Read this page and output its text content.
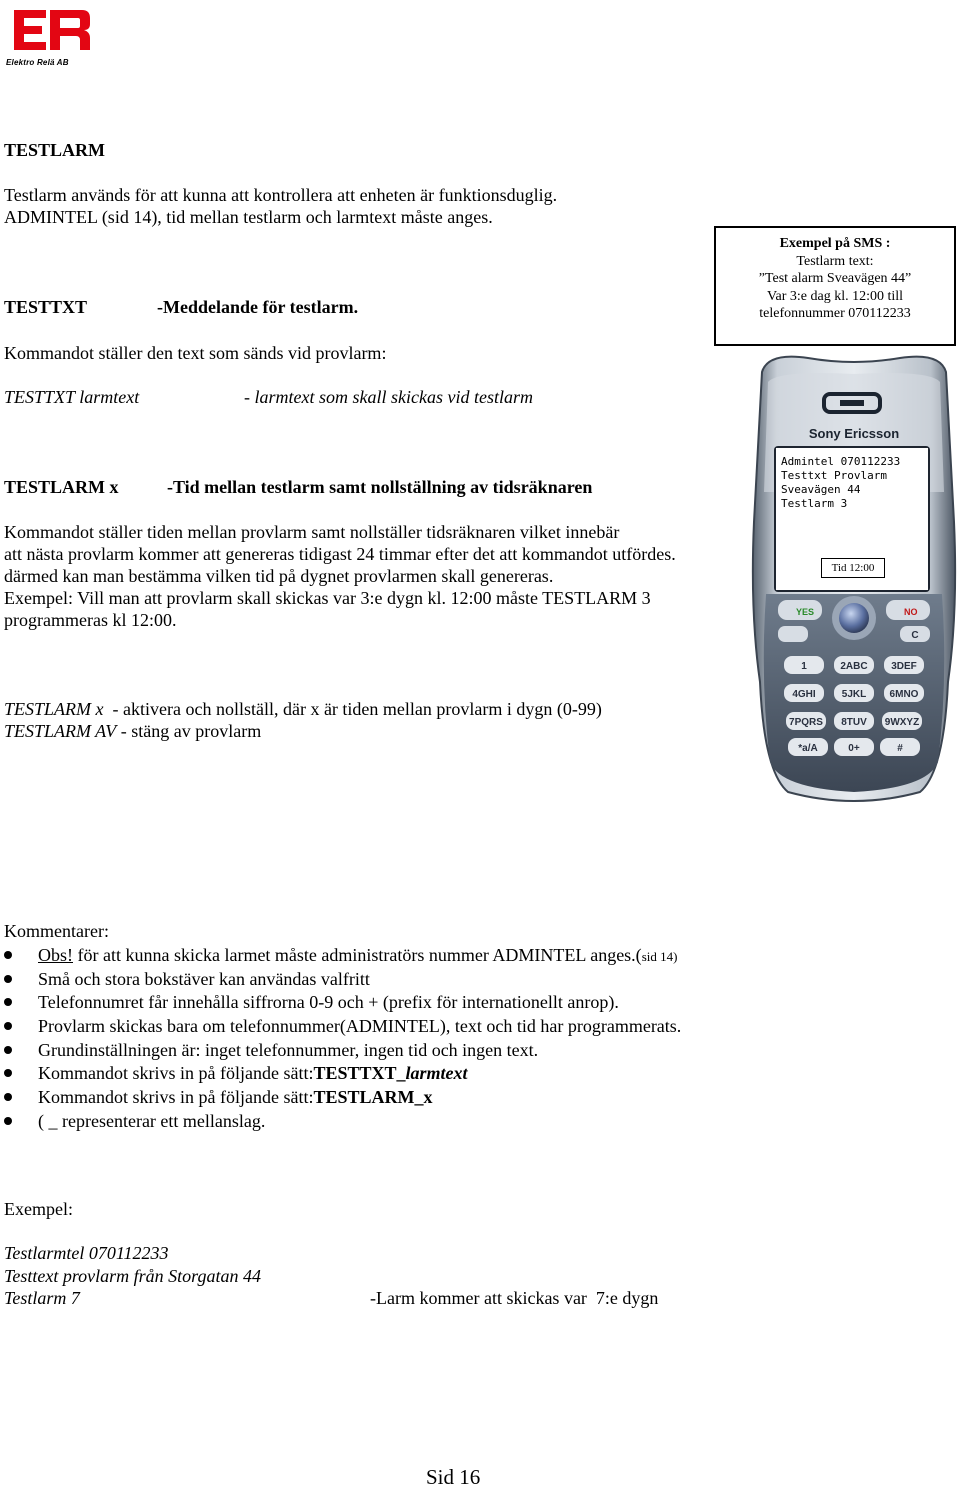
Elektro Relä AB
TESTLARM
Testlarm används för att kunna att kontrollera att enheten är funktionsduglig.
ADMINTEL (sid 14), tid mellan testlarm och larmtext måste anges.
TESTTXT	-Meddelande för testlarm.
Kommandot ställer den text som sänds vid provlarm:
TESTTXT larmtext	- larmtext som skall skickas vid testlarm
Exempel på SMS :
Testlarm text:
”Test alarm Sveavägen 44”
Var 3:e dag kl. 12:00 till
telefonnummer 070112233
Sony Ericsson
YES	NO
C
1	2ABC 3DEF
4GHI	5JKL 6MNO
7PQRS 8TUV 9WXYZ
*a/A	0+	#
Admintel 070112233
Testtxt Provlarm
Sveavägen 44
Testlarm 3
Tid 12:00
TESTLARM x	-Tid mellan testlarm samt nollställning av tidsräknaren
Kommandot ställer tiden mellan provlarm samt nollställer tidsräknaren vilket innebär
att nästa provlarm kommer att genereras tidigast 24 timmar efter det att kommandot utfördes.
därmed kan man bestämma vilken tid på dygnet provlarmen skall genereras.
Exempel: Vill man att provlarm skall skickas var 3:e dygn kl. 12:00 måste TESTLARM 3
programmeras kl 12:00.
TESTLARM x  - aktivera och nollställ, där x är tiden mellan provlarm i dygn (0-99)
TESTLARM AV - stäng av provlarm
Kommentarer:
Obs! för att kunna skicka larmet måste administratörs nummer ADMINTEL anges.(sid 14)
Små och stora bokstäver kan användas valfritt
Telefonnumret får innehålla siffrorna 0-9 och + (prefix för internationellt anrop).
Provlarm skickas bara om telefonnummer(ADMINTEL), text och tid har programmerats.
Grundinställningen är: inget telefonnummer, ingen tid och ingen text.
Kommandot skrivs in på följande sätt:TESTTXT_larmtext
Kommandot skrivs in på följande sätt:TESTLARM_x
( _ representerar ett mellanslag.
Exempel:
Testlarmtel 070112233
Testtext provlarm från Storgatan 44
Testlarm 7	-Larm kommer att skickas var  7:e dygn
Sid 16
